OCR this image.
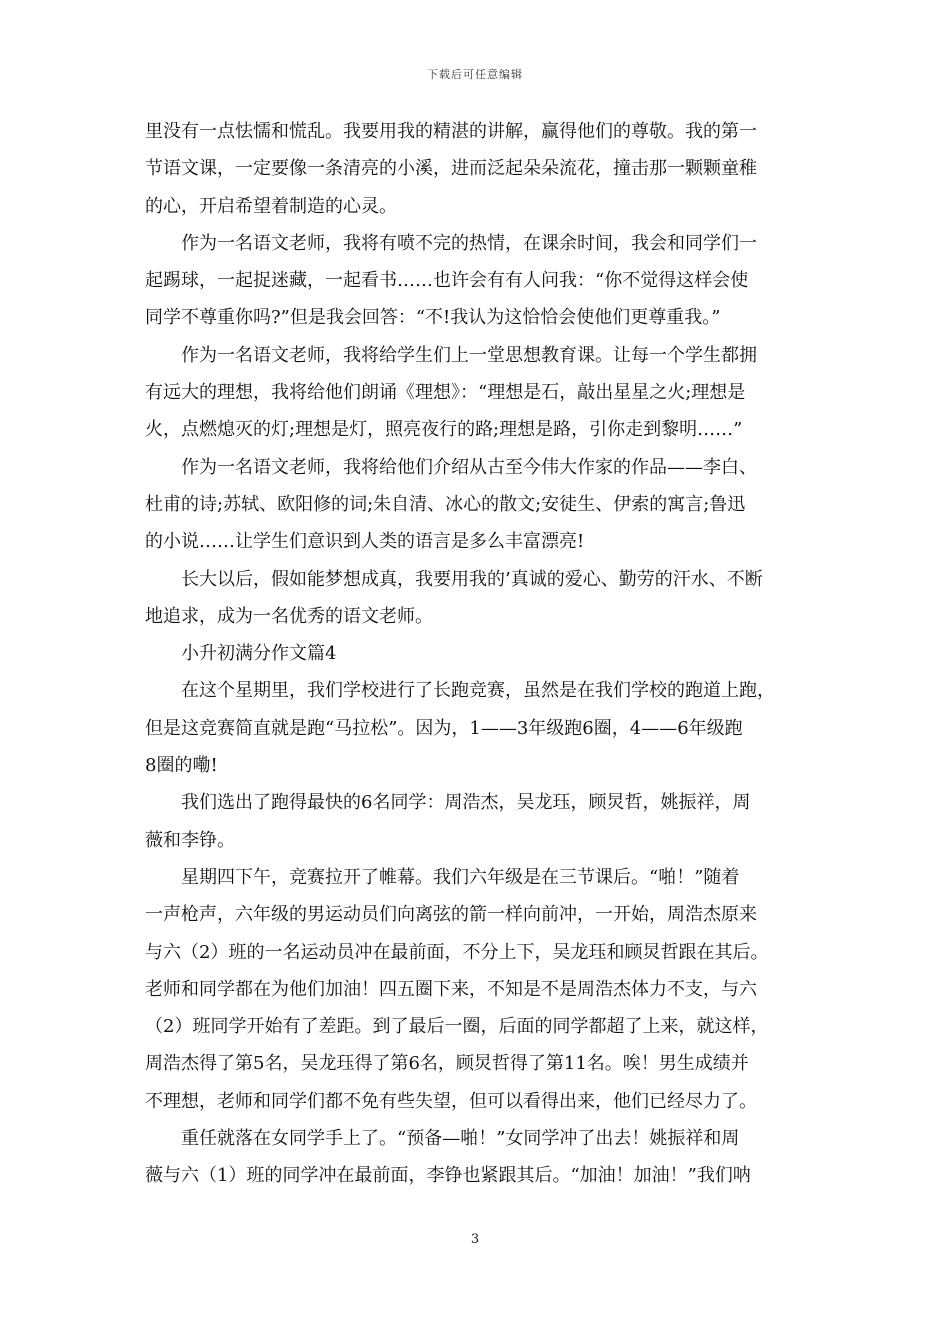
下载后可任意编辑
里没有一点怯懦和慌乱。我要用我的精湛的讲解，赢得他们的尊敬。我的第一
节语文课，一定要像一条清亮的小溪，进而泛起朵朵流花，撞击那一颗颗童稚
的心，开启希望着制造的心灵。
作为一名语文老师，我将有喷不完的热情，在课余时间，我会和同学们一
起踢球，一起捉迷藏，一起看书……也许会有有人问我：“你不觉得这样会使
同学不尊重你吗?”但是我会回答：“不!我认为这恰恰会使他们更尊重我。”
作为一名语文老师，我将给学生们上一堂思想教育课。让每一个学生都拥
有远大的理想，我将给他们朗诵《理想》：“理想是石，敲出星星之火;理想是
火，点燃熄灭的灯;理想是灯，照亮夜行的路;理想是路，引你走到黎明……”
作为一名语文老师，我将给他们介绍从古至今伟大作家的作品——李白、
杜甫的诗;苏轼、欧阳修的词;朱自清、冰心的散文;安徒生、伊索的寓言;鲁迅
的小说……让学生们意识到人类的语言是多么丰富漂亮!
长大以后，假如能梦想成真，我要用我的’真诚的爱心、勤劳的汗水、不断
地追求，成为一名优秀的语文老师。
小升初满分作文篇4
在这个星期里，我们学校进行了长跑竞赛，虽然是在我们学校的跑道上跑，
但是这竞赛简直就是跑“马拉松”。因为，1——3年级跑6圈，4——6年级跑
8圈的嘞!
我们选出了跑得最快的6名同学：周浩杰，吴龙珏，顾炅哲，姚振祥，周
薇和李铮。
星期四下午，竞赛拉开了帷幕。我们六年级是在三节课后。“啪！”随着
一声枪声，六年级的男运动员们向离弦的箭一样向前冲，一开始，周浩杰原来
与六（2）班的一名运动员冲在最前面，不分上下，吴龙珏和顾炅哲跟在其后。
老师和同学都在为他们加油！四五圈下来，不知是不是周浩杰体力不支，与六
（2）班同学开始有了差距。到了最后一圈，后面的同学都超了上来，就这样，
周浩杰得了第5名，吴龙珏得了第6名，顾炅哲得了第11名。唉！男生成绩并
不理想，老师和同学们都不免有些失望，但可以看得出来，他们已经尽力了。
重任就落在女同学手上了。“预备—啪！”女同学冲了出去！姚振祥和周
薇与六（1）班的同学冲在最前面，李铮也紧跟其后。“加油！加油！”我们呐
3
